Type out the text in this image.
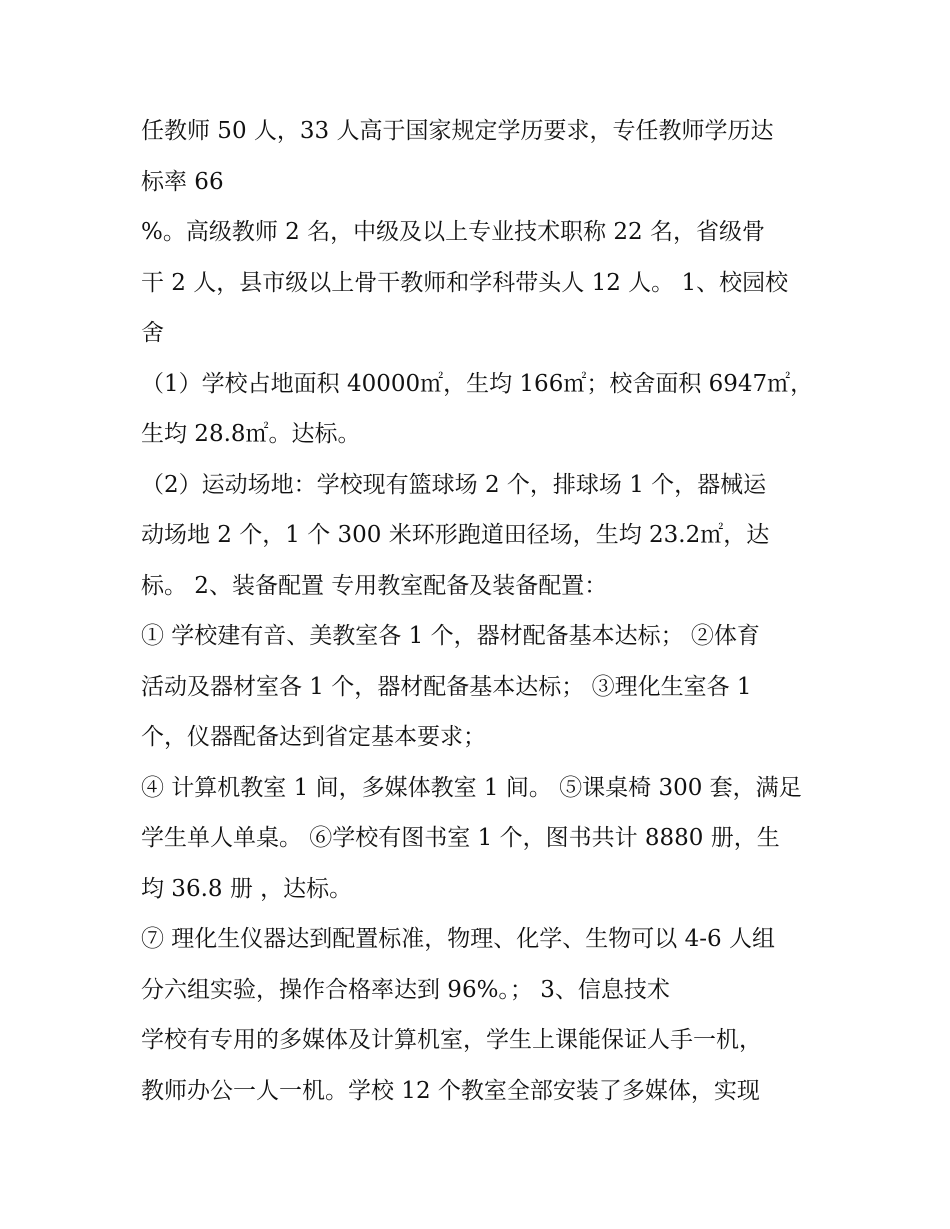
任教师 50 人，33 人高于国家规定学历要求，专任教师学历达
标率 66
%。高级教师 2 名，中级及以上专业技术职称 22 名，省级骨
干 2 人，县市级以上骨干教师和学科带头人 12 人。 1、校园校
舍
（1）学校占地面积 40000㎡，生均 166㎡；校舍面积 6947㎡，
生均 28.8㎡。达标。
（2）运动场地：学校现有篮球场 2 个，排球场 1 个，器械运
动场地 2 个，1 个 300 米环形跑道田径场，生均 23.2㎡，达
标。 2、装备配置 专用教室配备及装备配置：
① 学校建有音、美教室各 1 个，器材配备基本达标； ②体育
活动及器材室各 1 个，器材配备基本达标； ③理化生室各 1
个，仪器配备达到省定基本要求；
④ 计算机教室 1 间，多媒体教室 1 间。 ⑤课桌椅 300 套，满足
学生单人单桌。 ⑥学校有图书室 1 个，图书共计 8880 册，生
均 36.8 册 ，达标。
⑦ 理化生仪器达到配置标准，物理、化学、生物可以 4-6 人组
分六组实验，操作合格率达到 96%。； 3、信息技术
学校有专用的多媒体及计算机室，学生上课能保证人手一机，
教师办公一人一机。学校 12 个教室全部安装了多媒体，实现
